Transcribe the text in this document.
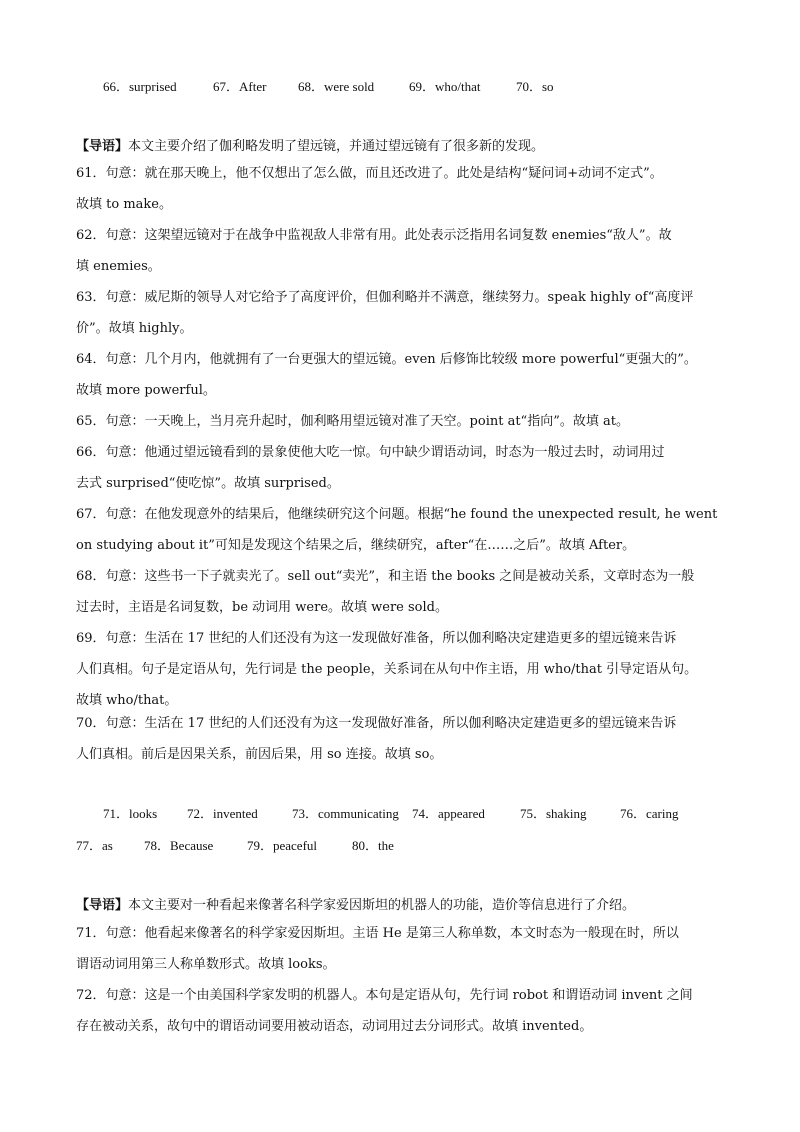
66．surprised	67．After 68．were sold	69．who/that	70．so
【导语】本文主要介绍了伽利略发明了望远镜，并通过望远镜有了很多新的发现。
61．句意：就在那天晚上，他不仅想出了怎么做，而且还改进了。此处是结构“疑问词+动词不定式”。
故填 to make。
62．句意：这架望远镜对于在战争中监视敌人非常有用。此处表示泛指用名词复数 enemies“敌人”。故
填 enemies。
63．句意：威尼斯的领导人对它给予了高度评价，但伽利略并不满意，继续努力。speak highly of“高度评
价”。故填 highly。
64．句意：几个月内，他就拥有了一台更强大的望远镜。even 后修饰比较级 more powerful“更强大的”。
故填 more powerful。
65．句意：一天晚上，当月亮升起时，伽利略用望远镜对准了天空。point at“指向”。故填 at。
66．句意：他通过望远镜看到的景象使他大吃一惊。句中缺少谓语动词，时态为一般过去时，动词用过
去式 surprised“使吃惊”。故填 surprised。
67．句意：在他发现意外的结果后，他继续研究这个问题。根据“he found the unexpected result, he went
on studying about it”可知是发现这个结果之后，继续研究，after“在……之后”。故填 After。
68．句意：这些书一下子就卖光了。sell out“卖光”，和主语 the books 之间是被动关系，文章时态为一般
过去时，主语是名词复数，be 动词用 were。故填 were sold。
69．句意：生活在 17 世纪的人们还没有为这一发现做好准备，所以伽利略决定建造更多的望远镜来告诉
人们真相。句子是定语从句，先行词是 the people，关系词在从句中作主语，用 who/that 引导定语从句。
故填 who/that。
70．句意：生活在 17 世纪的人们还没有为这一发现做好准备，所以伽利略决定建造更多的望远镜来告诉
人们真相。前后是因果关系，前因后果，用 so 连接。故填 so。
71．looks 72．invented	73．communicating 74．appeared	75．shaking	76．caring
77．as 78．Because	79．peaceful	80．the
【导语】本文主要对一种看起来像著名科学家爱因斯坦的机器人的功能，造价等信息进行了介绍。
71．句意：他看起来像著名的科学家爱因斯坦。主语 He 是第三人称单数，本文时态为一般现在时，所以
谓语动词用第三人称单数形式。故填 looks。
72．句意：这是一个由美国科学家发明的机器人。本句是定语从句，先行词 robot 和谓语动词 invent 之间
存在被动关系，故句中的谓语动词要用被动语态，动词用过去分词形式。故填 invented。
